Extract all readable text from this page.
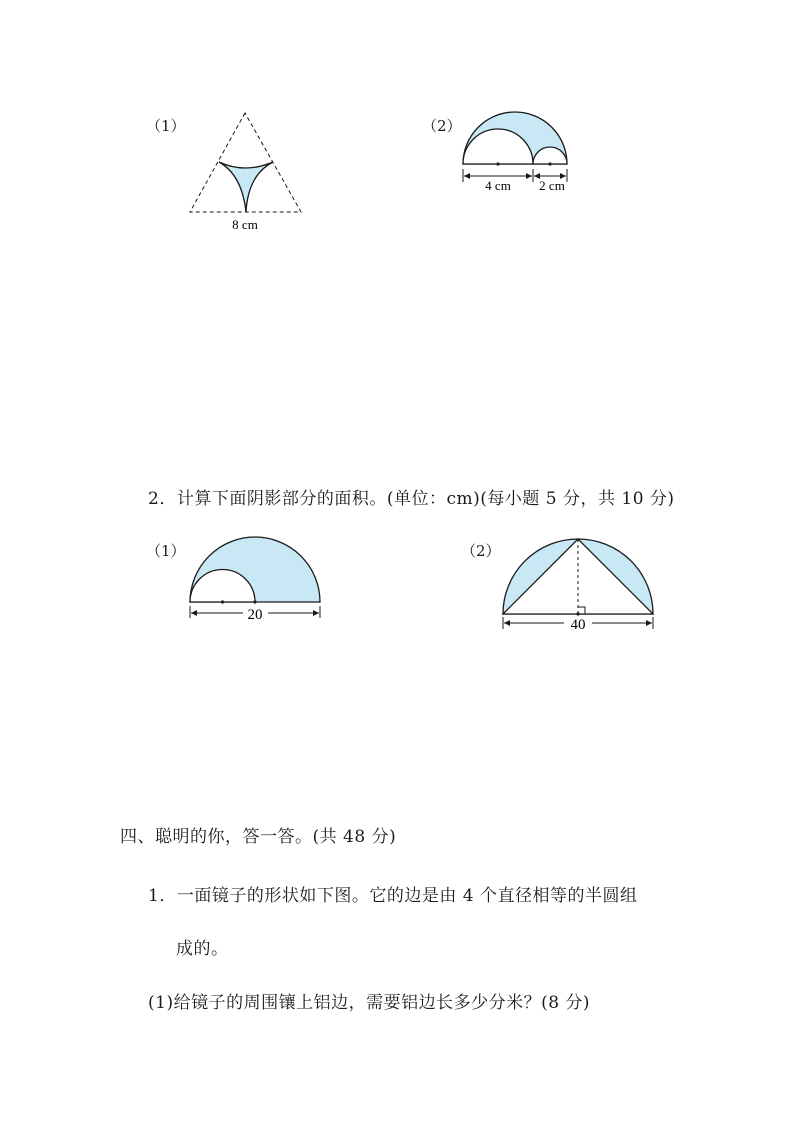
（1）
8 cm
（2）
4 cm 2 cm
2．计算下面阴影部分的面积。(单位：cm)(每小题 5 分，共 10 分)
（1）
20
（2）
40
四、聪明的你，答一答。(共 48 分)
1．一面镜子的形状如下图。它的边是由 4 个直径相等的半圆组
成的。
(1)给镜子的周围镶上铝边，需要铝边长多少分米？(8 分)
